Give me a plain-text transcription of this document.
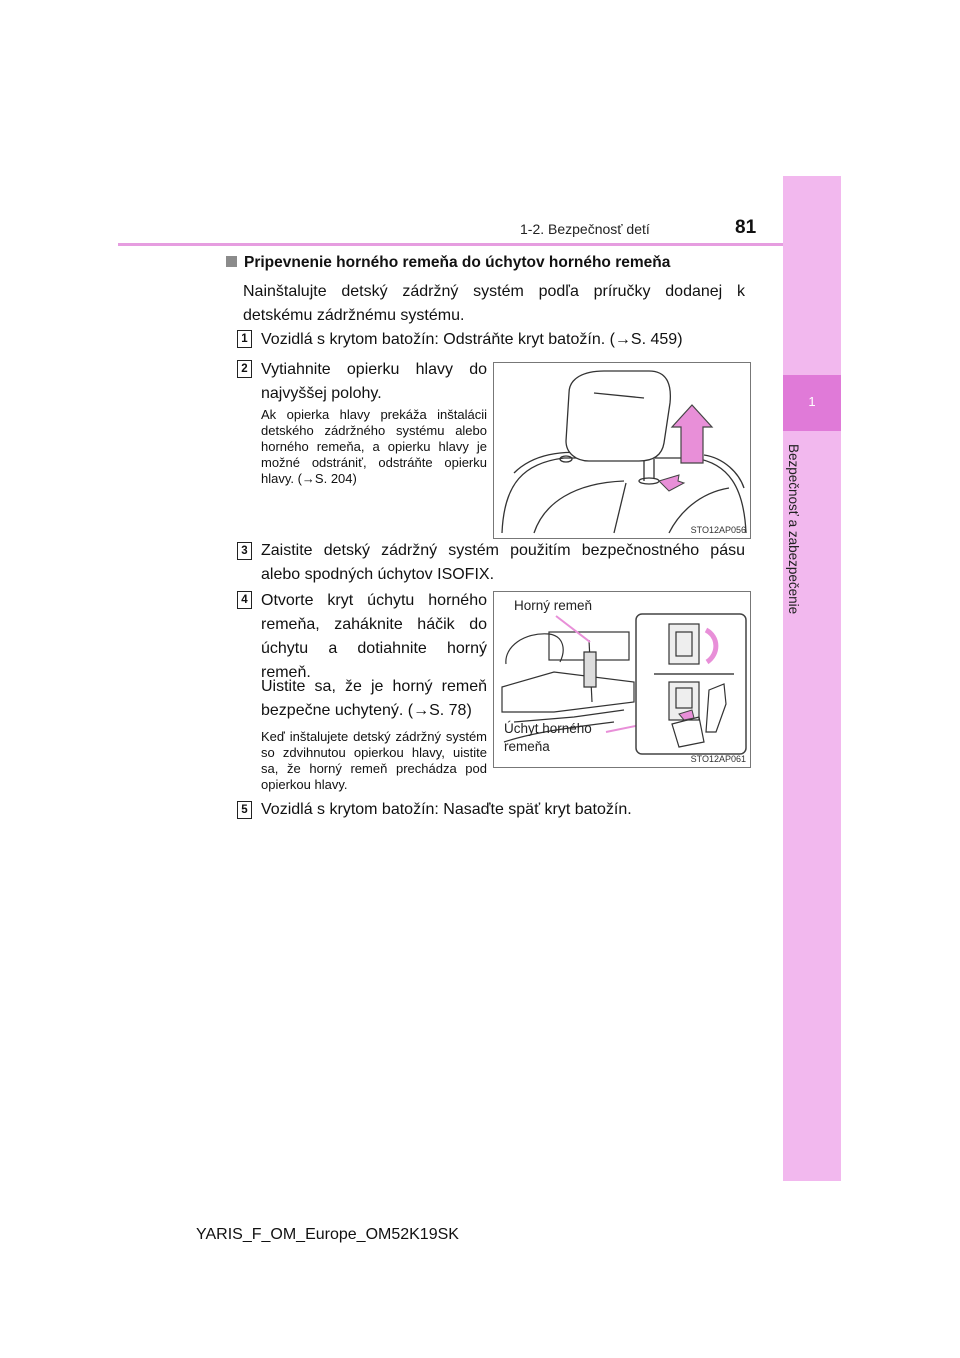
1
Bezpečnosť a zabezpečenie
1-2. Bezpečnosť detí	81
Pripevnenie horného remeňa do úchytov horného remeňa
Nainštalujte detský zádržný systém podľa príručky dodanej k detskému zádržnému systému.
1 Vozidlá s krytom batožín: Odstráňte kryt batožín. (→S. 459)
2 Vytiahnite opierku hlavy do najvyššej polohy.
Ak opierka hlavy prekáža inštalácii detského zádržného systému alebo horného remeňa, a opierku hlavy je možné odstrániť, odstráňte opierku hlavy. (→S. 204)
STO12AP056
3 Zaistite detský zádržný systém použitím bezpečnostného pásu alebo spodných úchytov ISOFIX.
4 Otvorte kryt úchytu horného remeňa, zaháknite háčik do úchytu a dotiahnite horný remeň.
Uistite sa, že je horný remeň bezpečne uchytený. (→S. 78)
Keď inštalujete detský zádržný systém so zdvihnutou opierkou hlavy, uistite sa, že horný remeň prechádza pod opierkou hlavy.
Horný remeň
Úchyt horného
remeňa
STO12AP061
5 Vozidlá s krytom batožín: Nasaďte späť kryt batožín.
YARIS_F_OM_Europe_OM52K19SK
